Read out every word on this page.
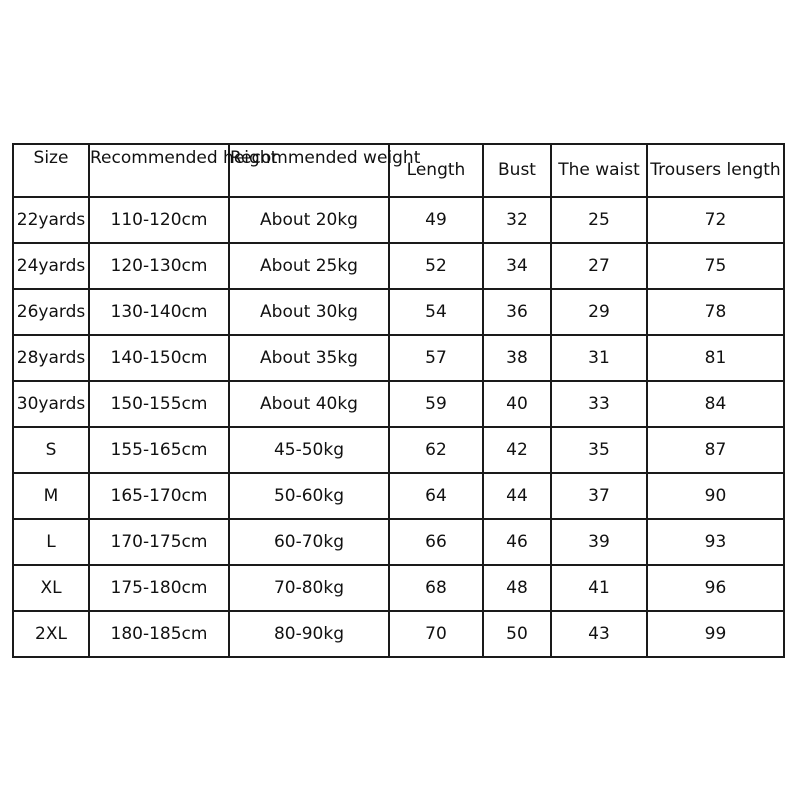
Size	Recommended height	Recommended weight	Length	Bust	The waist	Trousers length
22yards	110-120cm	About 20kg	49	32	25	72
24yards	120-130cm	About 25kg	52	34	27	75
26yards	130-140cm	About 30kg	54	36	29	78
28yards	140-150cm	About 35kg	57	38	31	81
30yards	150-155cm	About 40kg	59	40	33	84
S	155-165cm	45-50kg	62	42	35	87
M	165-170cm	50-60kg	64	44	37	90
L	170-175cm	60-70kg	66	46	39	93
XL	175-180cm	70-80kg	68	48	41	96
2XL	180-185cm	80-90kg	70	50	43	99
